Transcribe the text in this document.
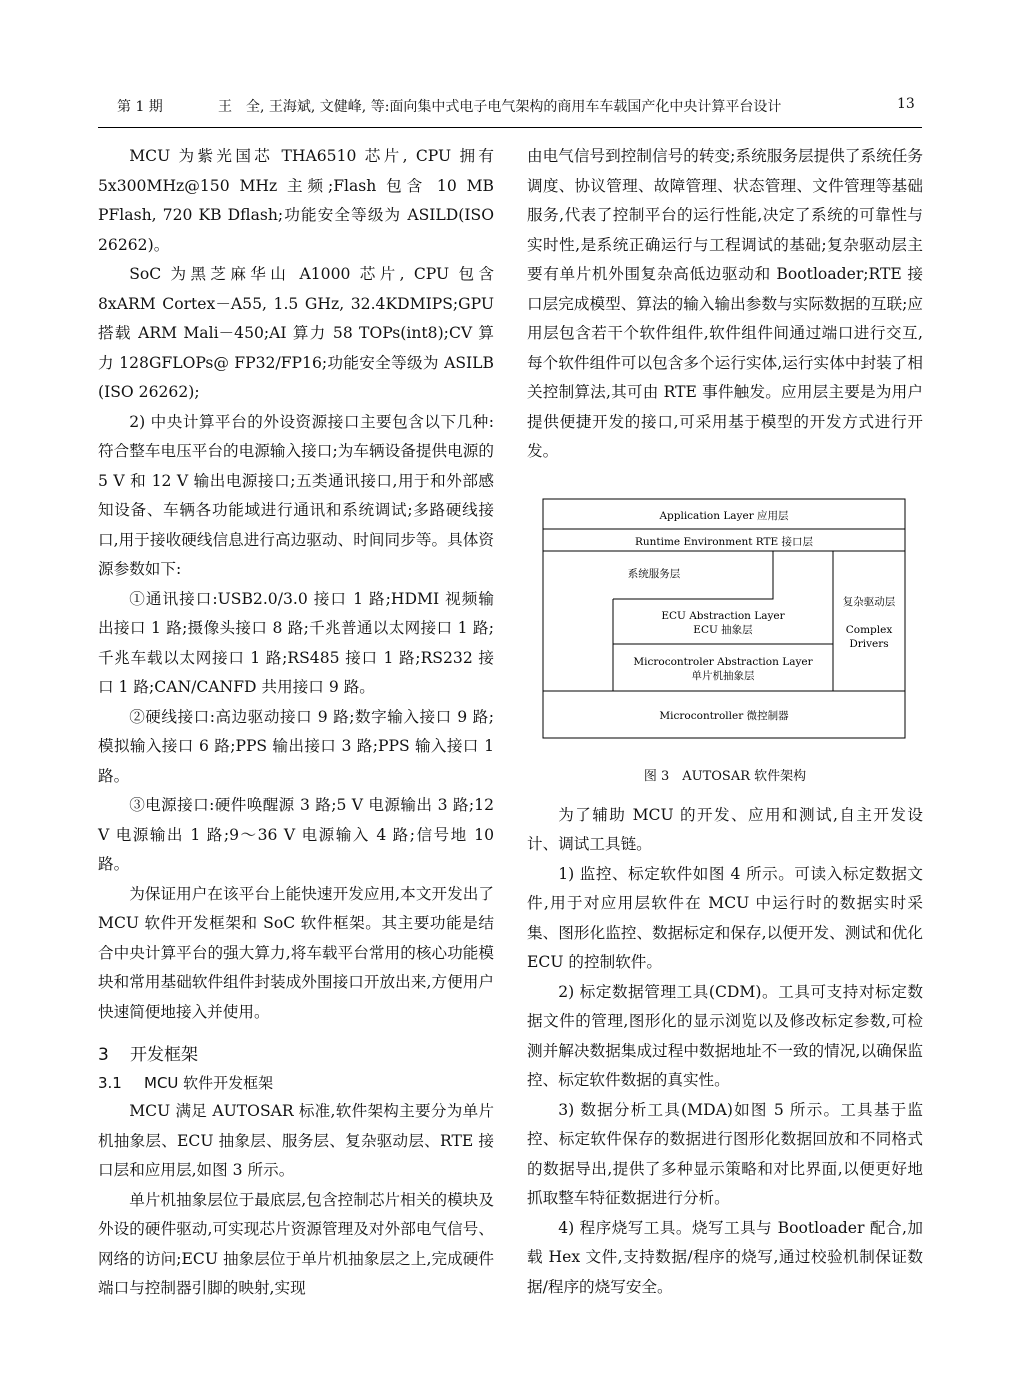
第 1 期	王　全, 王海斌, 文健峰, 等:面向集中式电子电气架构的商用车车载国产化中央计算平台设计	13

MCU 为紫光国芯 THA6510 芯片, CPU 拥有 5x300MHz@150 MHz 主频;Flash 包含 10 MB PFlash, 720 KB Dflash;功能安全等级为 ASILD(ISO 26262)。

SoC 为黑芝麻华山 A1000 芯片, CPU 包含 8xARM Cortex－A55, 1.5 GHz, 32.4KDMIPS;GPU 搭载 ARM Mali－450;AI 算力 58 TOPs(int8);CV 算力 128GFLOPs@ FP32/FP16;功能安全等级为 ASILB (ISO 26262);

2) 中央计算平台的外设资源接口主要包含以下几种:符合整车电压平台的电源输入接口;为车辆设备提供电源的 5 V 和 12 V 输出电源接口;五类通讯接口,用于和外部感知设备、车辆各功能域进行通讯和系统调试;多路硬线接口,用于接收硬线信息进行高边驱动、时间同步等。具体资源参数如下:

①通讯接口:USB2.0/3.0 接口 1 路;HDMI 视频输出接口 1 路;摄像头接口 8 路;千兆普通以太网接口 1 路;千兆车载以太网接口 1 路;RS485 接口 1 路;RS232 接口 1 路;CAN/CANFD 共用接口 9 路。

②硬线接口:高边驱动接口 9 路;数字输入接口 9 路;模拟输入接口 6 路;PPS 输出接口 3 路;PPS 输入接口 1 路。

③电源接口:硬件唤醒源 3 路;5 V 电源输出 3 路;12 V 电源输出 1 路;9～36 V 电源输入 4 路;信号地 10 路。

为保证用户在该平台上能快速开发应用,本文开发出了 MCU 软件开发框架和 SoC 软件框架。其主要功能是结合中央计算平台的强大算力,将车载平台常用的核心功能模块和常用基础软件组件封装成外围接口开放出来,方便用户快速简便地接入并使用。

3 开发框架

3.1 MCU 软件开发框架

MCU 满足 AUTOSAR 标准,软件架构主要分为单片机抽象层、ECU 抽象层、服务层、复杂驱动层、RTE 接口层和应用层,如图 3 所示。

单片机抽象层位于最底层,包含控制芯片相关的模块及外设的硬件驱动,可实现芯片资源管理及对外部电气信号、网络的访问;ECU 抽象层位于单片机抽象层之上,完成硬件端口与控制器引脚的映射,实现

由电气信号到控制信号的转变;系统服务层提供了系统任务调度、协议管理、故障管理、状态管理、文件管理等基础服务,代表了控制平台的运行性能,决定了系统的可靠性与实时性,是系统正确运行与工程调试的基础;复杂驱动层主要有单片机外围复杂高低边驱动和 Bootloader;RTE 接口层完成模型、算法的输入输出参数与实际数据的互联;应用层包含若干个软件组件,软件组件间通过端口进行交互,每个软件组件可以包含多个运行实体,运行实体中封装了相关控制算法,其可由 RTE 事件触发。应用层主要是为用户提供便捷开发的接口,可采用基于模型的开发方式进行开发。

Application Layer 应用层
Runtime Environment RTE 接口层
系统服务层
ECU Abstraction Layer
ECU 抽象层
Microcontroler Abstraction Layer
单片机抽象层
复杂驱动层
Complex
Drivers
Microcontroller 微控制器

图 3　AUTOSAR 软件架构

为了辅助 MCU 的开发、应用和测试,自主开发设计、调试工具链。

1) 监控、标定软件如图 4 所示。可读入标定数据文件,用于对应用层软件在 MCU 中运行时的数据实时采集、图形化监控、数据标定和保存,以便开发、测试和优化 ECU 的控制软件。

2) 标定数据管理工具(CDM)。工具可支持对标定数据文件的管理,图形化的显示浏览以及修改标定参数,可检测并解决数据集成过程中数据地址不一致的情况,以确保监控、标定软件数据的真实性。

3) 数据分析工具(MDA)如图 5 所示。工具基于监控、标定软件保存的数据进行图形化数据回放和不同格式的数据导出,提供了多种显示策略和对比界面,以便更好地抓取整车特征数据进行分析。

4) 程序烧写工具。烧写工具与 Bootloader 配合,加载 Hex 文件,支持数据/程序的烧写,通过校验机制保证数据/程序的烧写安全。
